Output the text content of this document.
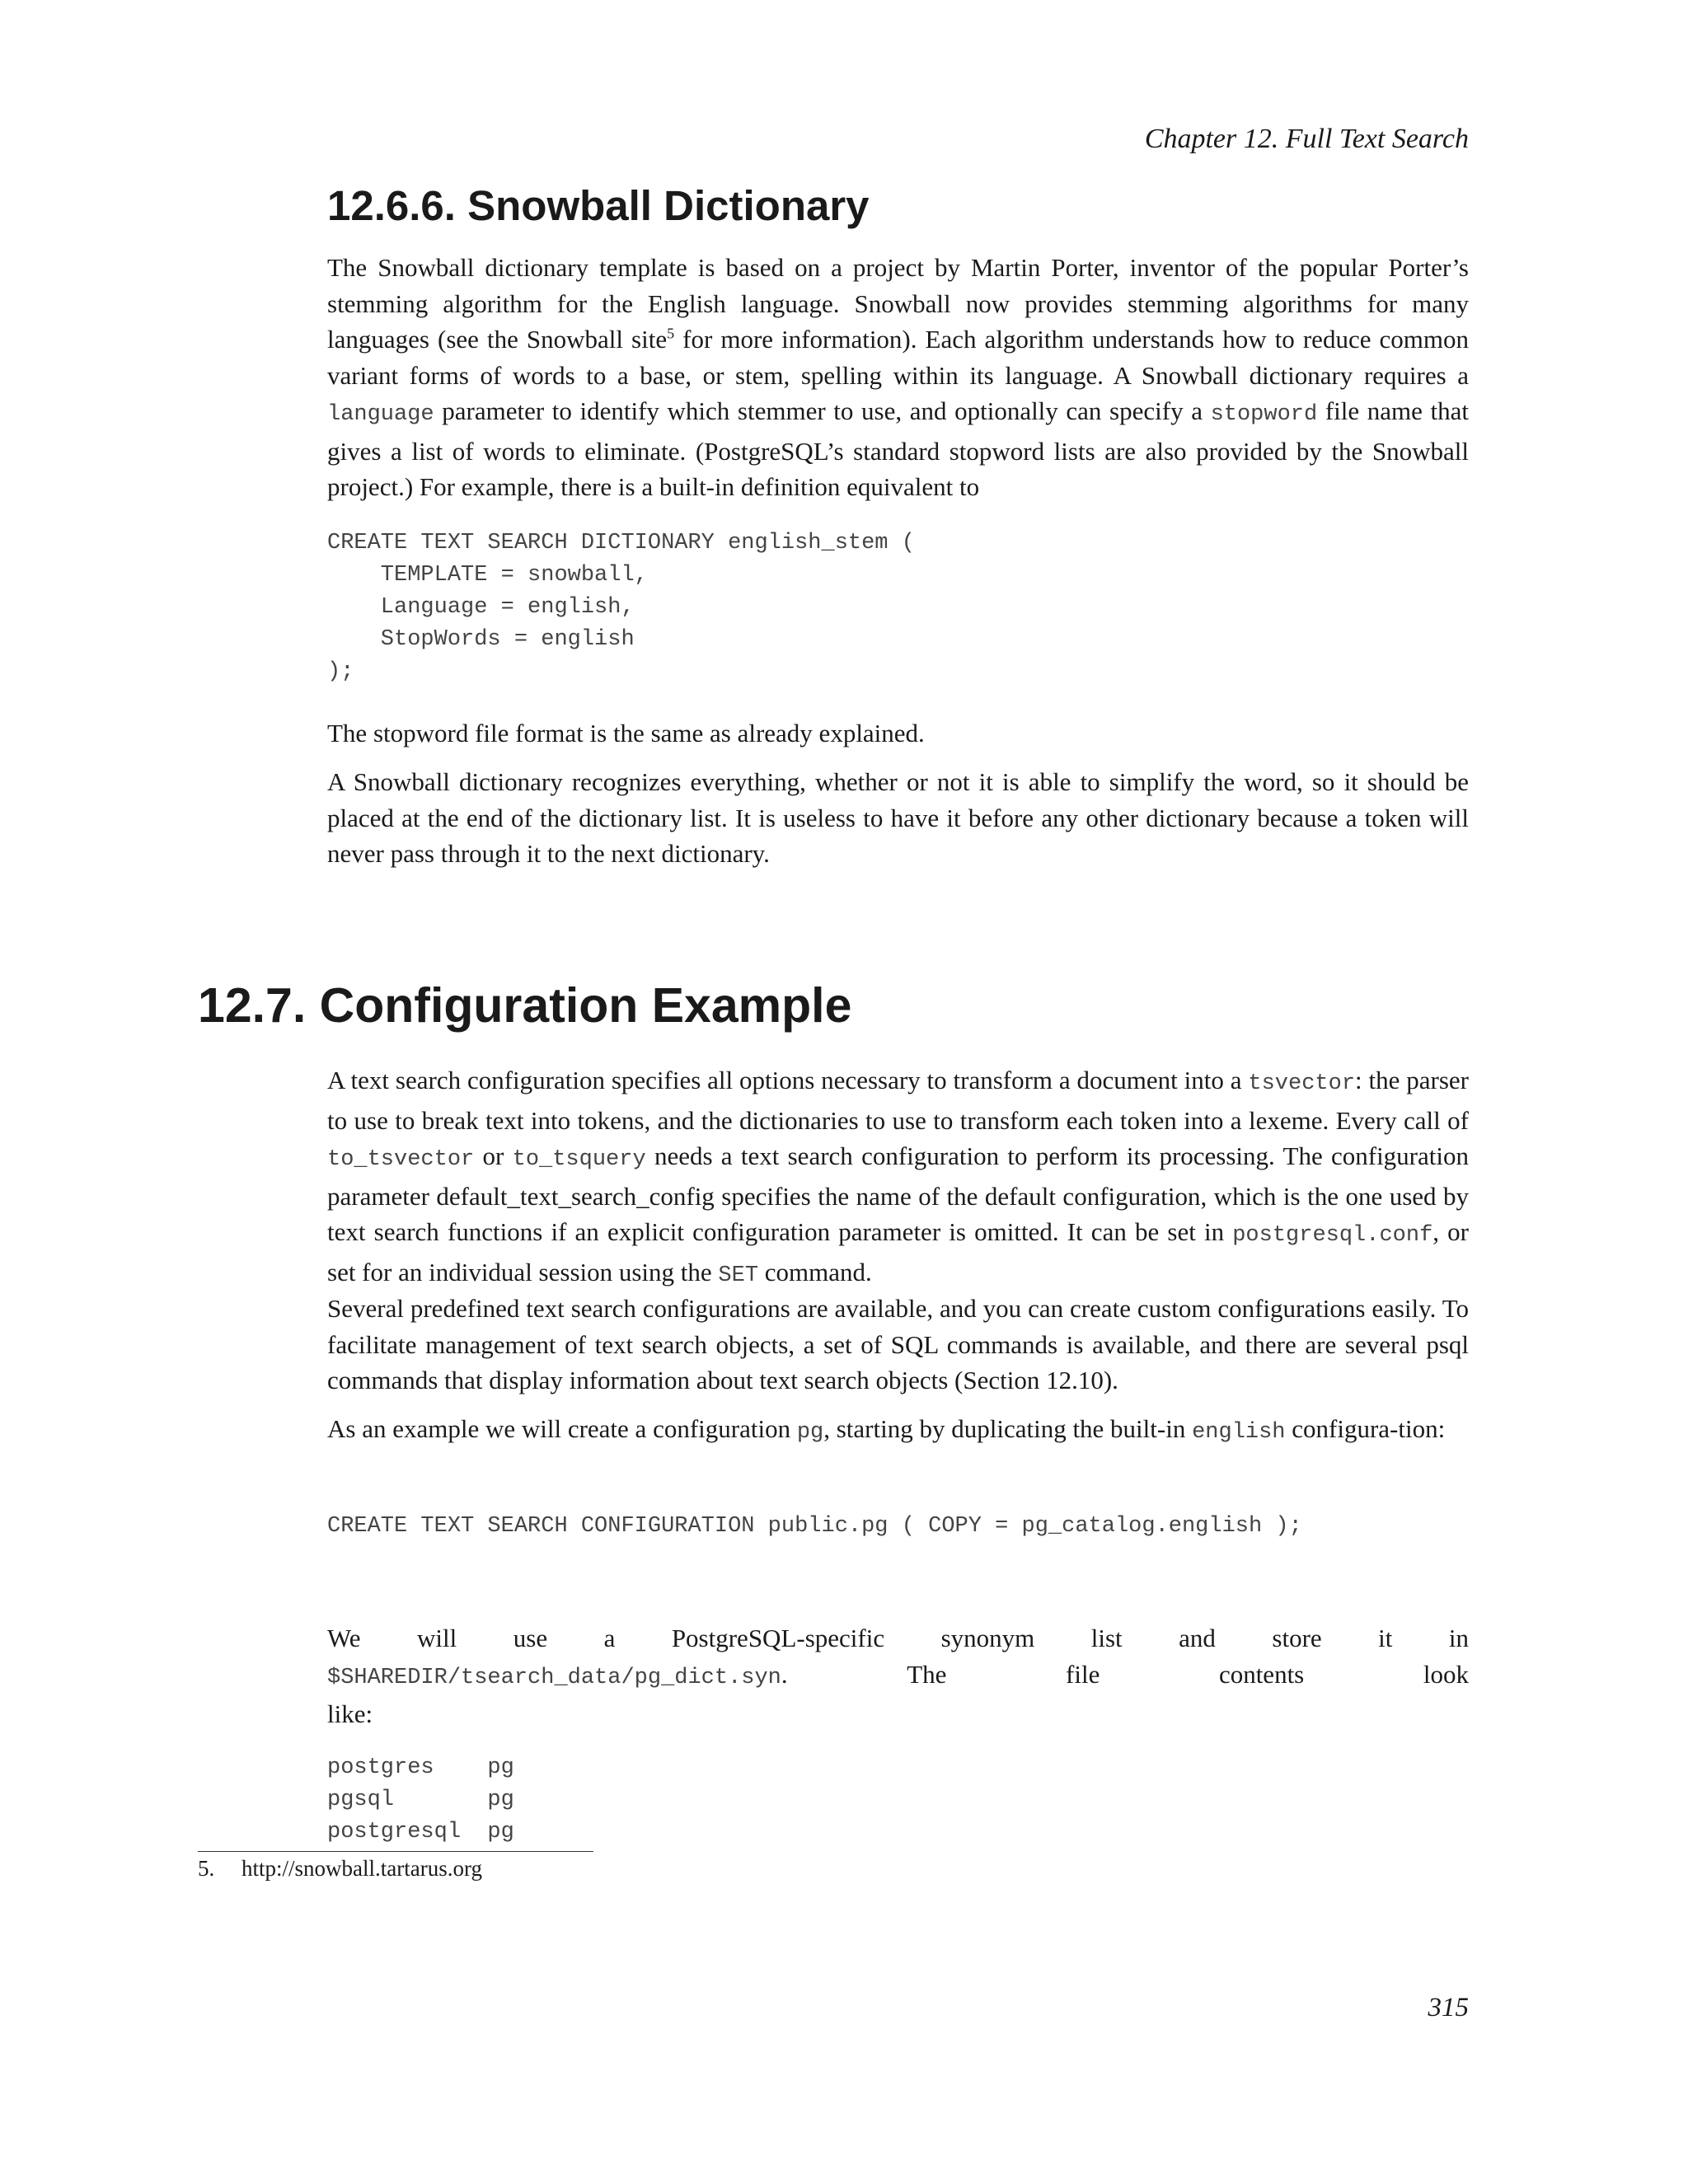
Chapter 12. Full Text Search
12.6.6. Snowball Dictionary

The Snowball dictionary template is based on a project by Martin Porter, inventor of the popular Porter’s stemming algorithm for the English language. Snowball now provides stemming algorithms for many languages (see the Snowball site$^5$ for more information). Each algorithm understands how to reduce common variant forms of words to a base, or stem, spelling within its language. A Snowball dictionary requires a language parameter to identify which stemmer to use, and optionally can specify a stopword file name that gives a list of words to eliminate. (PostgreSQL’s standard stopword lists are also provided by the Snowball project.) For example, there is a built-in definition equivalent to

CREATE TEXT SEARCH DICTIONARY english_stem (
TEMPLATE = snowball,
Language = english,
StopWords = english
);

The stopword file format is the same as already explained.

A Snowball dictionary recognizes everything, whether or not it is able to simplify the word, so it should be placed at the end of the dictionary list. It is useless to have it before any other dictionary because a token will never pass through it to the next dictionary.

12.7. Configuration Example

A text search configuration specifies all options necessary to transform a document into a tsvector: the parser to use to break text into tokens, and the dictionaries to use to transform each token into a lexeme. Every call of to_tsvector or to_tsquery needs a text search configuration to perform its processing. The configuration parameter default_text_search_config specifies the name of the default configuration, which is the one used by text search functions if an explicit configuration parameter is omitted. It can be set in postgresql.conf, or set for an individual session using the SET command.

Several predefined text search configurations are available, and you can create custom configurations easily. To facilitate management of text search objects, a set of SQL commands is available, and there are several psql commands that display information about text search objects (Section 12.10).

As an example we will create a configuration pg, starting by duplicating the built-in english configura-tion:

CREATE TEXT SEARCH CONFIGURATION public.pg ( COPY = pg_catalog.english );
We will use a PostgreSQL-specific synonym list and store it in
$SHAREDIR/tsearch_data/pg_dict.syn.	The	file	contents	look
like:
postgres    pg
pgsql       pg
postgresql  pg
5. http://snowball.tartarus.org
315
